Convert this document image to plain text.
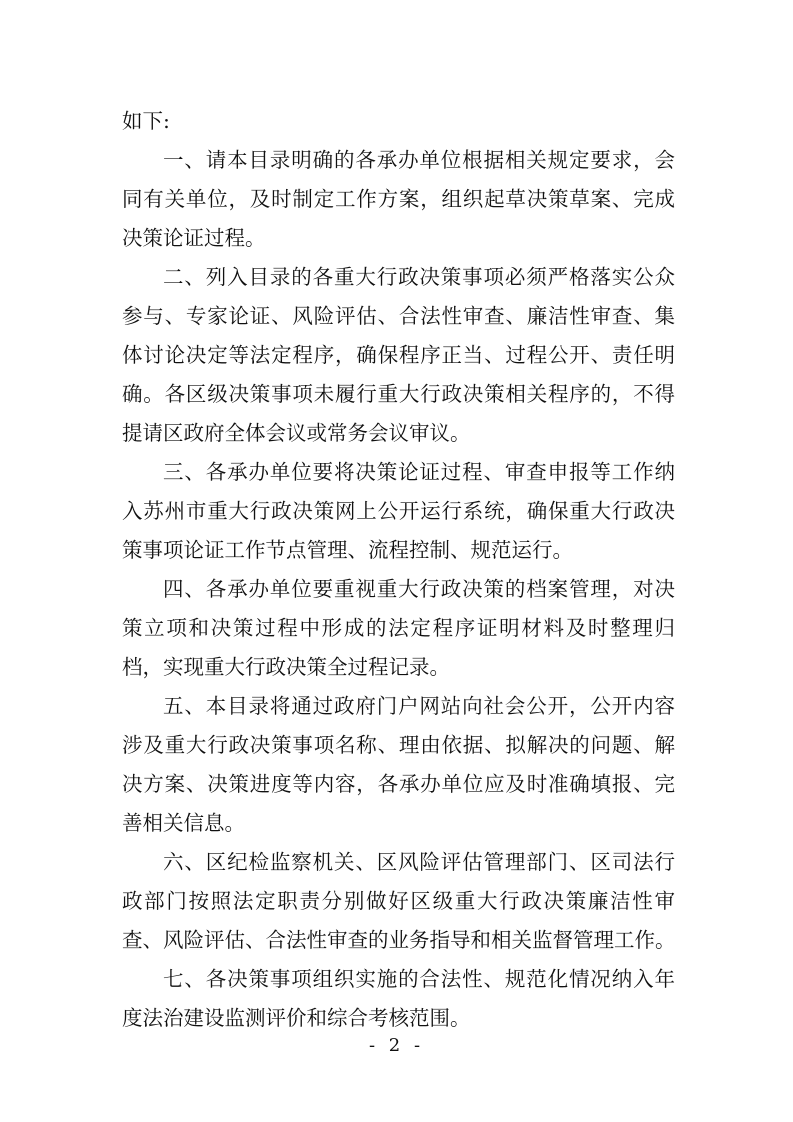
如下:
一、请本目录明确的各承办单位根据相关规定要求，会
同有关单位，及时制定工作方案，组织起草决策草案、完成
决策论证过程。
二、列入目录的各重大行政决策事项必须严格落实公众
参与、专家论证、风险评估、合法性审查、廉洁性审查、集
体讨论决定等法定程序，确保程序正当、过程公开、责任明
确。各区级决策事项未履行重大行政决策相关程序的，不得
提请区政府全体会议或常务会议审议。
三、各承办单位要将决策论证过程、审查申报等工作纳
入苏州市重大行政决策网上公开运行系统，确保重大行政决
策事项论证工作节点管理、流程控制、规范运行。
四、各承办单位要重视重大行政决策的档案管理，对决
策立项和决策过程中形成的法定程序证明材料及时整理归
档，实现重大行政决策全过程记录。
五、本目录将通过政府门户网站向社会公开，公开内容
涉及重大行政决策事项名称、理由依据、拟解决的问题、解
决方案、决策进度等内容，各承办单位应及时准确填报、完
善相关信息。
六、区纪检监察机关、区风险评估管理部门、区司法行
政部门按照法定职责分别做好区级重大行政决策廉洁性审
查、风险评估、合法性审查的业务指导和相关监督管理工作。
七、各决策事项组织实施的合法性、规范化情况纳入年
度法治建设监测评价和综合考核范围。
- 2 -
